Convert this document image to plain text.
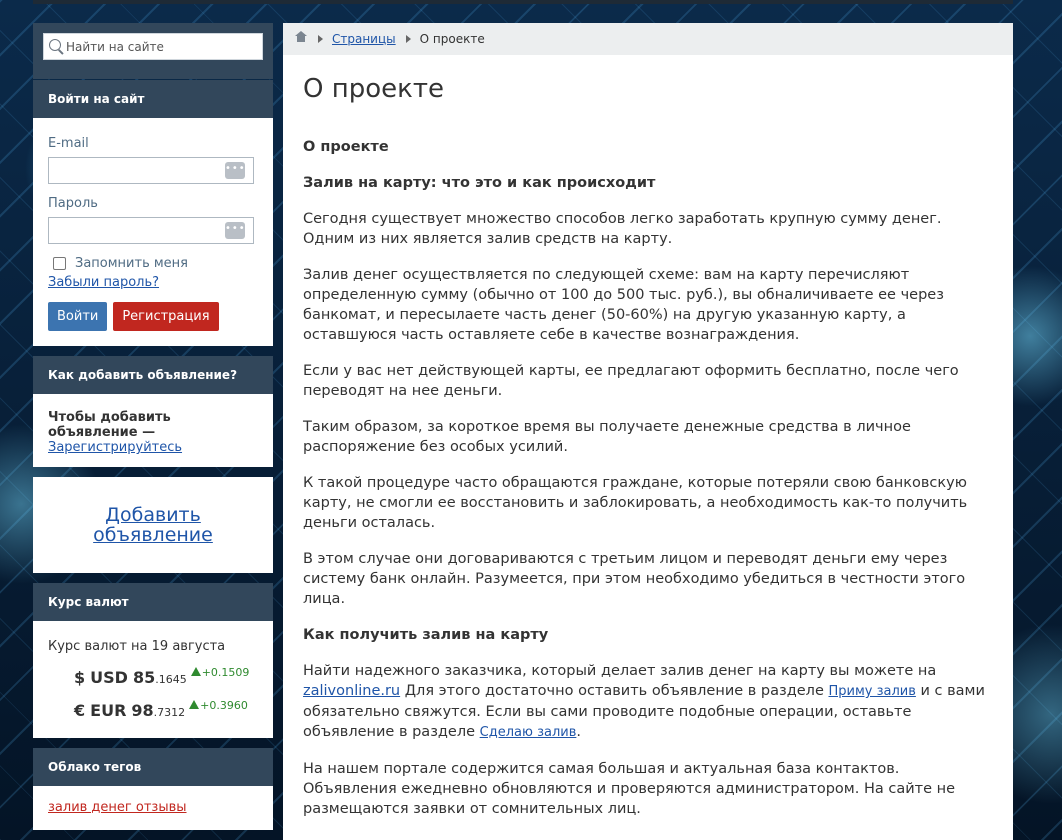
Найти на сайте
Войти на сайт
E-mail
•••
Пароль
•••
Запомнить меня
Забыли пароль?
Войти	Регистрация
Как добавить объявление?
Чтобы добавить объявление —
Зарегистрируйтесь
Добавить
объявление
Курс валют
Курс валют на 19 августа
$ USD 85 .1645
+0.1509
€ EUR 98 .7312
+0.3960
Облако тегов
залив денег отзывы
Страницы О проекте
О проекте

О проекте

Залив на карту: что это и как происходит

Сегодня существует множество способов легко заработать крупную сумму денег. Одним из них является залив средств на карту.

Залив денег осуществляется по следующей схеме: вам на карту перечисляют определенную сумму (обычно от 100 до 500 тыс. руб.), вы обналичиваете ее через банкомат, и пересылаете часть денег (50-60%) на другую указанную карту, а оставшуюся часть оставляете себе в качестве вознаграждения.

Если у вас нет действующей карты, ее предлагают оформить бесплатно, после чего переводят на нее деньги.

Таким образом, за короткое время вы получаете денежные средства в личное распоряжение без особых усилий.

К такой процедуре часто обращаются граждане, которые потеряли свою банковскую карту, не смогли ее восстановить и заблокировать, а необходимость как-то получить деньги осталась.

В этом случае они договариваются с третьим лицом и переводят деньги ему через систему банк онлайн. Разумеется, при этом необходимо убедиться в честности этого лица.

Как получить залив на карту

Найти надежного заказчика, который делает залив денег на карту вы можете на zalivonline.ru Для этого достаточно оставить объявление в разделе Приму залив и с вами обязательно свяжутся. Если вы сами проводите подобные операции, оставьте объявление в разделе Сделаю залив.

На нашем портале содержится самая большая и актуальная база контактов. Объявления ежедневно обновляются и проверяются администратором. На сайте не размещаются заявки от сомнительных лиц.
